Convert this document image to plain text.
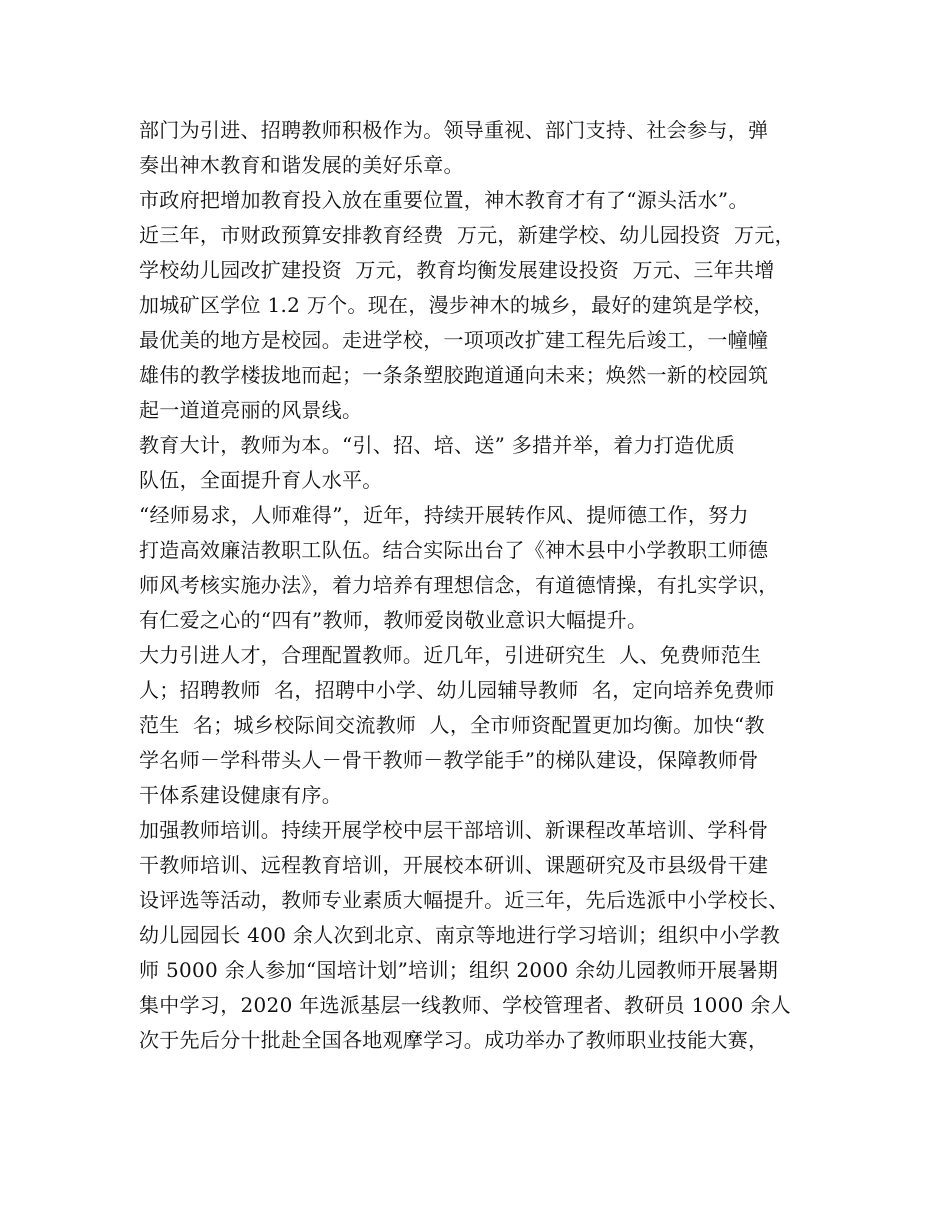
部门为引进、招聘教师积极作为。领导重视、部门支持、社会参与，弹
奏出神木教育和谐发展的美好乐章。
市政府把增加教育投入放在重要位置，神木教育才有了“源头活水”。
近三年，市财政预算安排教育经费  万元，新建学校、幼儿园投资  万元，
学校幼儿园改扩建投资  万元，教育均衡发展建设投资  万元、三年共增
加城矿区学位 1.2 万个。现在，漫步神木的城乡，最好的建筑是学校，
最优美的地方是校园。走进学校，一项项改扩建工程先后竣工，一幢幢
雄伟的教学楼拔地而起；一条条塑胶跑道通向未来；焕然一新的校园筑
起一道道亮丽的风景线。
教育大计，教师为本。“引、招、培、送” 多措并举，着力打造优质
队伍，全面提升育人水平。
“经师易求，人师难得”，近年，持续开展转作风、提师德工作，努力
打造高效廉洁教职工队伍。结合实际出台了《神木县中小学教职工师德
师风考核实施办法》，着力培养有理想信念，有道德情操，有扎实学识，
有仁爱之心的“四有”教师，教师爱岗敬业意识大幅提升。
大力引进人才，合理配置教师。近几年，引进研究生  人、免费师范生
人；招聘教师  名，招聘中小学、幼儿园辅导教师  名，定向培养免费师
范生  名；城乡校际间交流教师  人，全市师资配置更加均衡。加快“教
学名师－学科带头人－骨干教师－教学能手”的梯队建设，保障教师骨
干体系建设健康有序。
加强教师培训。持续开展学校中层干部培训、新课程改革培训、学科骨
干教师培训、远程教育培训，开展校本研训、课题研究及市县级骨干建
设评选等活动，教师专业素质大幅提升。近三年，先后选派中小学校长、
幼儿园园长 400 余人次到北京、南京等地进行学习培训；组织中小学教
师 5000 余人参加“国培计划”培训；组织 2000 余幼儿园教师开展暑期
集中学习，2020 年选派基层一线教师、学校管理者、教研员 1000 余人
次于先后分十批赴全国各地观摩学习。成功举办了教师职业技能大赛，
